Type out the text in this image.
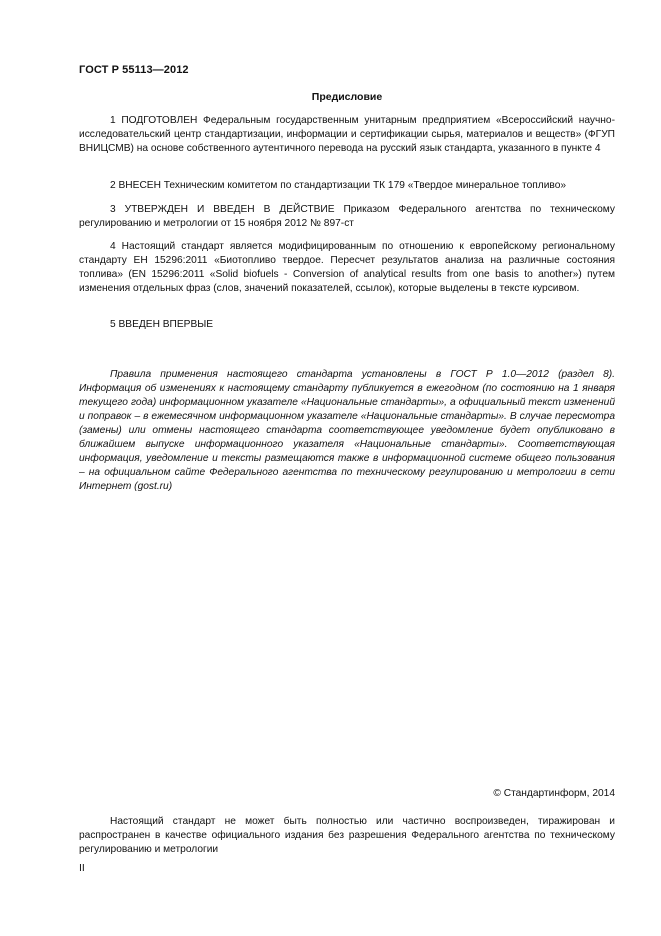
ГОСТ Р 55113—2012
Предисловие

1 ПОДГОТОВЛЕН Федеральным государственным унитарным предприятием «Всероссийский научно-исследовательский центр стандартизации, информации и сертификации сырья, материалов и веществ» (ФГУП ВНИЦСМВ) на основе собственного аутентичного перевода на русский язык стандарта, указанного в пункте 4

2 ВНЕСЕН Техническим комитетом по стандартизации ТК 179 «Твердое минеральное топливо»

3 УТВЕРЖДЕН И ВВЕДЕН В ДЕЙСТВИЕ Приказом Федерального агентства по техническому регулированию и метрологии от 15 ноября 2012 № 897-ст

4 Настоящий стандарт является модифицированным по отношению к европейскому региональному стандарту ЕН 15296:2011 «Биотопливо твердое. Пересчет результатов анализа на различные состояния топлива» (EN 15296:2011 «Solid biofuels - Conversion of analytical results from one basis to another») путем изменения отдельных фраз (слов, значений показателей, ссылок), которые выделены в тексте курсивом.

5 ВВЕДЕН ВПЕРВЫЕ

Правила применения настоящего стандарта установлены в ГОСТ Р 1.0—2012 (раздел 8). Информация об изменениях к настоящему стандарту публикуется в ежегодном (по состоянию на 1 января текущего года) информационном указателе «Национальные стандарты», а официальный текст изменений и поправок – в ежемесячном информационном указателе «Национальные стандарты». В случае пересмотра (замены) или отмены настоящего стандарта соответствующее уведомление будет опубликовано в ближайшем выпуске информационного указателя «Национальные стандарты». Соответствующая информация, уведомление и тексты размещаются также в информационной системе общего пользования – на официальном сайте Федерального агентства по техническому регулированию и метрологии в сети Интернет (gost.ru)

© Стандартинформ, 2014

Настоящий стандарт не может быть полностью или частично воспроизведен, тиражирован и распространен в качестве официального издания без разрешения Федерального агентства по техническому регулированию и метрологии

II
